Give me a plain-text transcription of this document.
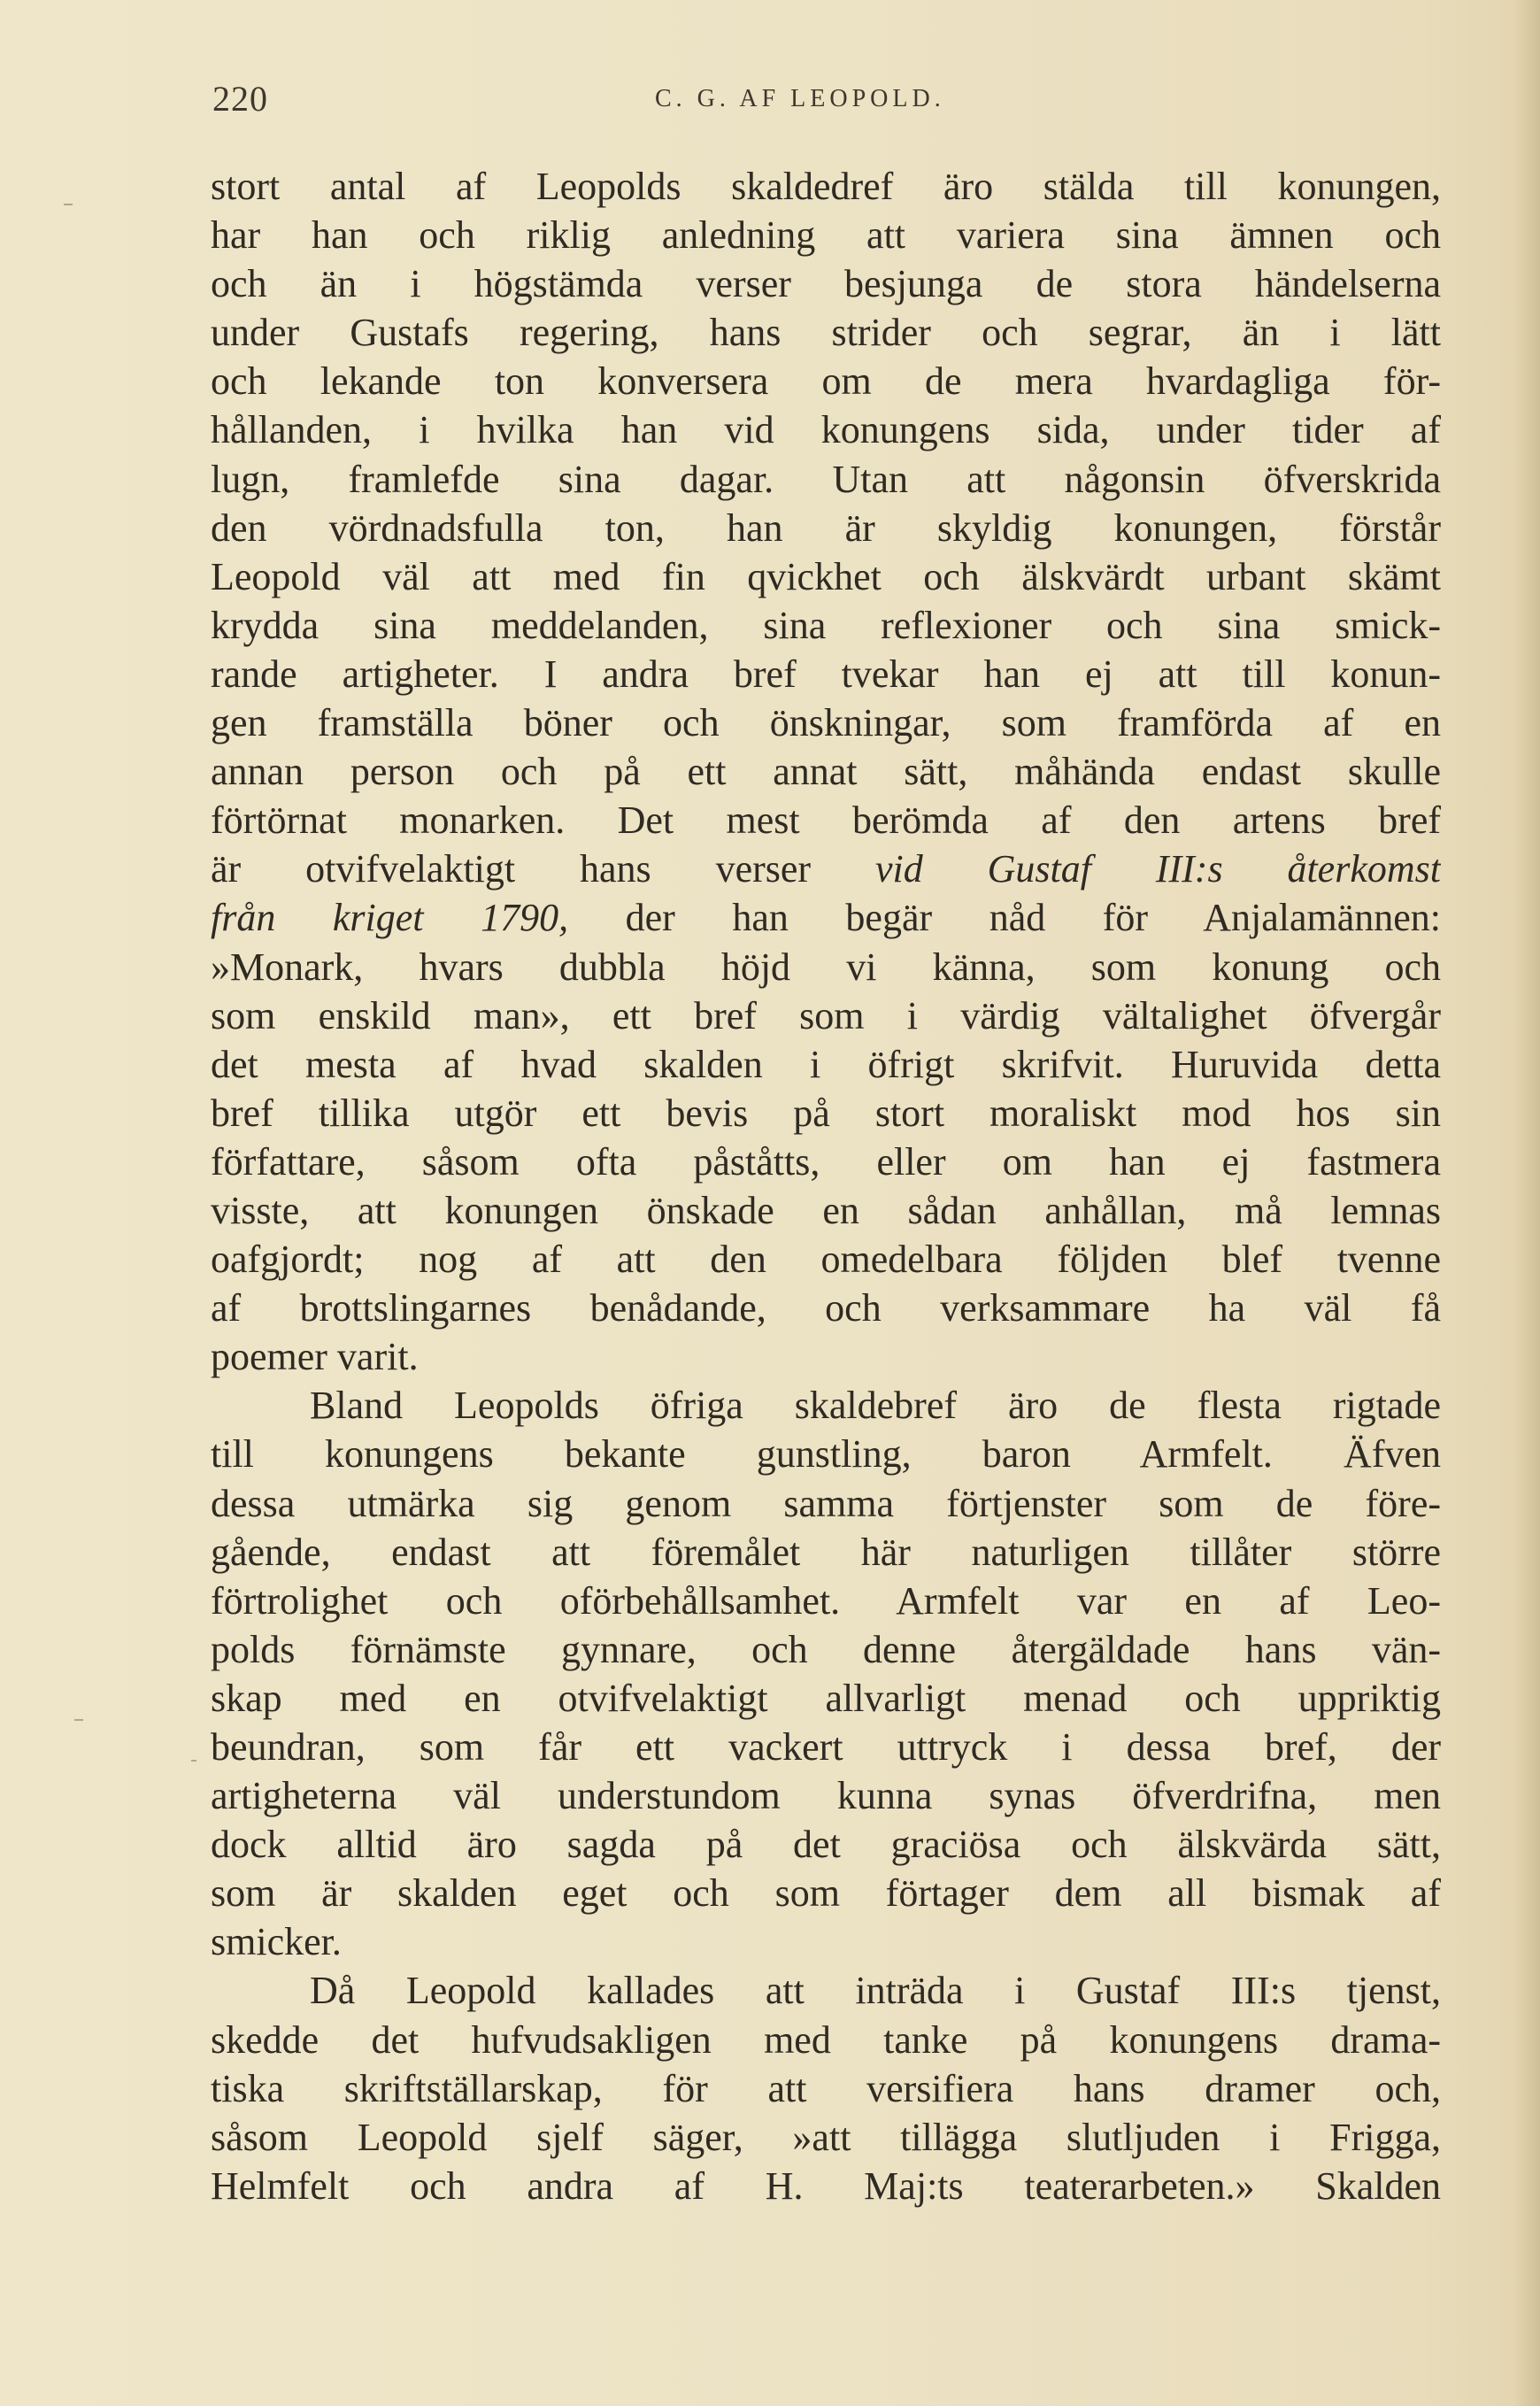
220	C. G. AF LEOPOLD.
stort antal af Leopolds skaldedref äro stälda till konungen,
har han och riklig anledning att variera sina ämnen och
och än i högstämda verser besjunga de stora händelserna
under Gustafs regering, hans strider och segrar, än i lätt
och lekande ton konversera om de mera hvardagliga för-
hållanden, i hvilka han vid konungens sida, under tider af
lugn, framlefde sina dagar. Utan att någonsin öfverskrida
den vördnadsfulla ton, han är skyldig konungen, förstår
Leopold väl att med fin qvickhet och älskvärdt urbant skämt
krydda sina meddelanden, sina reflexioner och sina smick-
rande artigheter. I andra bref tvekar han ej att till konun-
gen framställa böner och önskningar, som framförda af en
annan person och på ett annat sätt, måhända endast skulle
förtörnat monarken. Det mest berömda af den artens bref
är otvifvelaktigt hans verser vid Gustaf III:s återkomst
från kriget 1790, der han begär nåd för Anjalamännen:
»Monark, hvars dubbla höjd vi känna, som konung och
som enskild man», ett bref som i värdig vältalighet öfvergår
det mesta af hvad skalden i öfrigt skrifvit. Huruvida detta
bref tillika utgör ett bevis på stort moraliskt mod hos sin
författare, såsom ofta påståtts, eller om han ej fastmera
visste, att konungen önskade en sådan anhållan, må lemnas
oafgjordt; nog af att den omedelbara följden blef tvenne
af brottslingarnes benådande, och verksammare ha väl få
poemer varit.
Bland Leopolds öfriga skaldebref äro de flesta rigtade
till konungens bekante gunstling, baron Armfelt. Äfven
dessa utmärka sig genom samma förtjenster som de före-
gående, endast att föremålet här naturligen tillåter större
förtrolighet och oförbehållsamhet. Armfelt var en af Leo-
polds förnämste gynnare, och denne återgäldade hans vän-
skap med en otvifvelaktigt allvarligt menad och uppriktig
beundran, som får ett vackert uttryck i dessa bref, der
artigheterna väl understundom kunna synas öfverdrifna, men
dock alltid äro sagda på det graciösa och älskvärda sätt,
som är skalden eget och som förtager dem all bismak af
smicker.
Då Leopold kallades att inträda i Gustaf III:s tjenst,
skedde det hufvudsakligen med tanke på konungens drama-
tiska skriftställarskap, för att versifiera hans dramer och,
såsom Leopold sjelf säger, »att tillägga slutljuden i Frigga,
Helmfelt och andra af H. Maj:ts teaterarbeten.» Skalden
